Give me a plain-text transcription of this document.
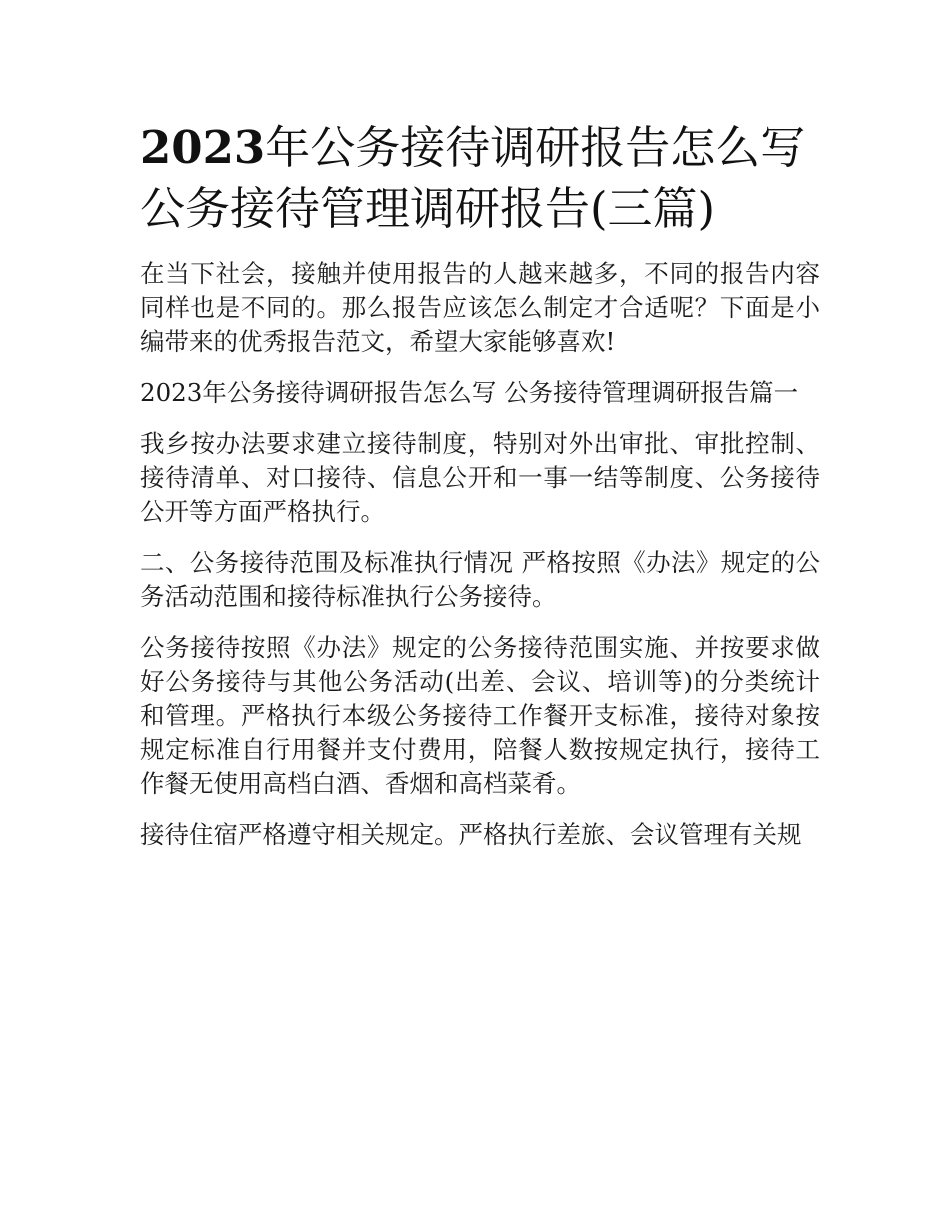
2023年公务接待调研报告怎么写 公务接待管理调研报告(三篇)

在当下社会，接触并使用报告的人越来越多，不同的报告内容同样也是不同的。那么报告应该怎么制定才合适呢？下面是小编带来的优秀报告范文，希望大家能够喜欢!

2023年公务接待调研报告怎么写 公务接待管理调研报告篇一

我乡按办法要求建立接待制度，特别对外出审批、审批控制、接待清单、对口接待、信息公开和一事一结等制度、公务接待公开等方面严格执行。

二、公务接待范围及标准执行情况 严格按照《办法》规定的公务活动范围和接待标准执行公务接待。

公务接待按照《办法》规定的公务接待范围实施、并按要求做好公务接待与其他公务活动(出差、会议、培训等)的分类统计和管理。严格执行本级公务接待工作餐开支标准，接待对象按规定标准自行用餐并支付费用，陪餐人数按规定执行，接待工作餐无使用高档白酒、香烟和高档菜肴。

接待住宿严格遵守相关规定。严格执行差旅、会议管理有关规
